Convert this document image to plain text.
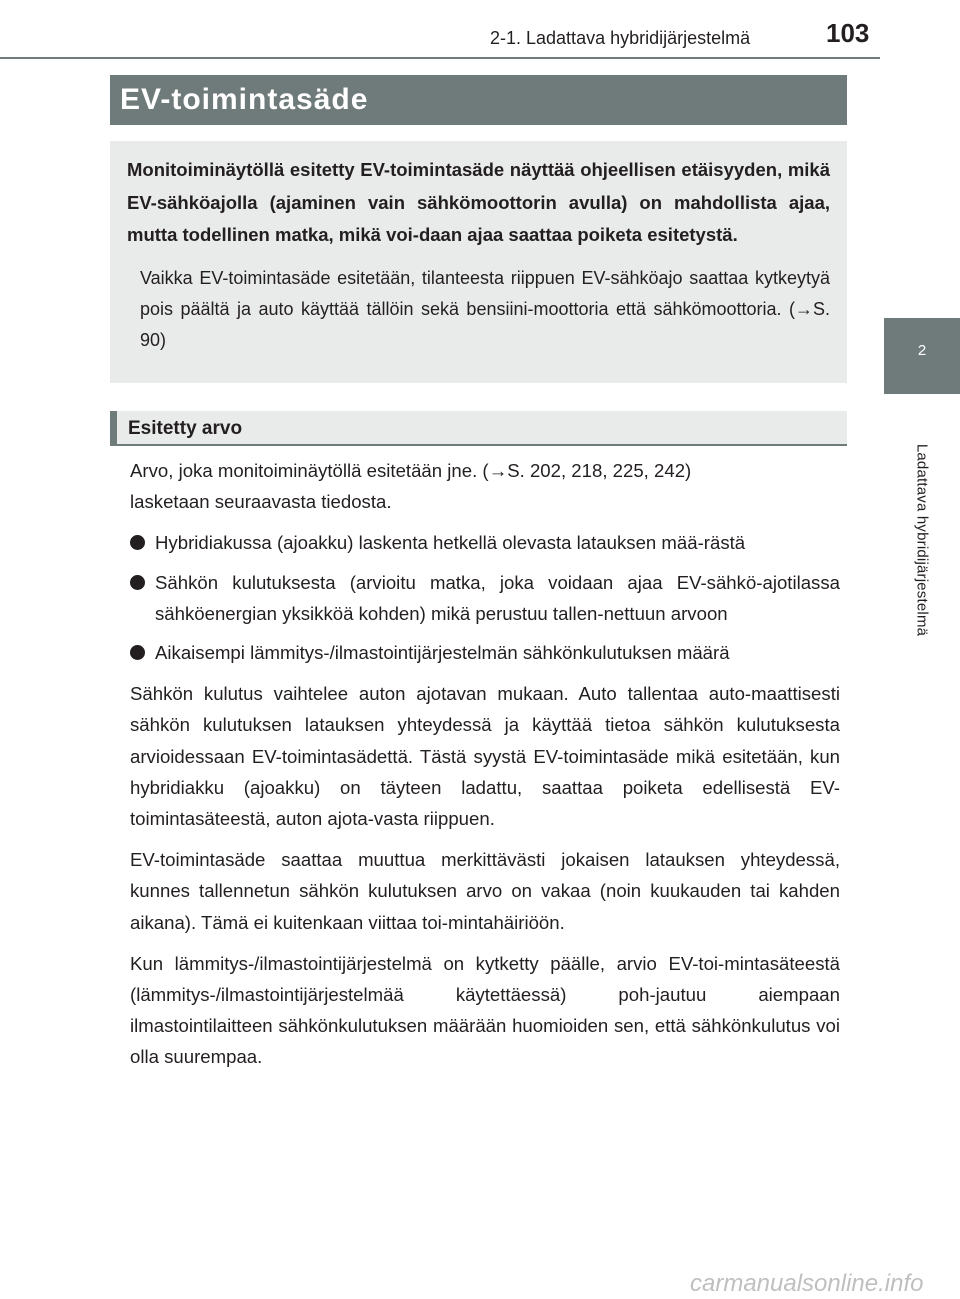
2-1. Ladattava hybridijärjestelmä	103
2
Ladattava hybridijärjestelmä
EV-toimintasäde

Monitoiminäytöllä esitetty EV-toimintasäde näyttää ohjeellisen etäisyyden, mikä EV-sähköajolla (ajaminen vain sähkömoottorin avulla) on mahdollista ajaa, mutta todellinen matka, mikä voi-daan ajaa saattaa poiketa esitetystä.

Vaikka EV-toimintasäde esitetään, tilanteesta riippuen EV-sähköajo saattaa kytkeytyä pois päältä ja auto käyttää tällöin sekä bensiini-moottoria että sähkömoottoria. (→S. 90)

Esitetty arvo

Arvo, joka monitoiminäytöllä esitetään jne. (→S. 202, 218, 225, 242)
lasketaan seuraavasta tiedosta.

Hybridiakussa (ajoakku) laskenta hetkellä olevasta latauksen mää-rästä
Sähkön kulutuksesta (arvioitu matka, joka voidaan ajaa EV-sähkö-ajotilassa sähköenergian yksikköä kohden) mikä perustuu tallen-nettuun arvoon
Aikaisempi lämmitys-/ilmastointijärjestelmän sähkönkulutuksen määrä

Sähkön kulutus vaihtelee auton ajotavan mukaan. Auto tallentaa auto-maattisesti sähkön kulutuksen latauksen yhteydessä ja käyttää tietoa sähkön kulutuksesta arvioidessaan EV-toimintasädettä. Tästä syystä EV-toimintasäde mikä esitetään, kun hybridiakku (ajoakku) on täyteen ladattu, saattaa poiketa edellisestä EV-toimintasäteestä, auton ajota-vasta riippuen.

EV-toimintasäde saattaa muuttua merkittävästi jokaisen latauksen yhteydessä, kunnes tallennetun sähkön kulutuksen arvo on vakaa (noin kuukauden tai kahden aikana). Tämä ei kuitenkaan viittaa toi-mintahäiriöön.

Kun lämmitys-/ilmastointijärjestelmä on kytketty päälle, arvio EV-toi-mintasäteestä (lämmitys-/ilmastointijärjestelmää käytettäessä) poh-jautuu aiempaan ilmastointilaitteen sähkönkulutuksen määrään huomioiden sen, että sähkönkulutus voi olla suurempaa.

carmanualsonline.info
